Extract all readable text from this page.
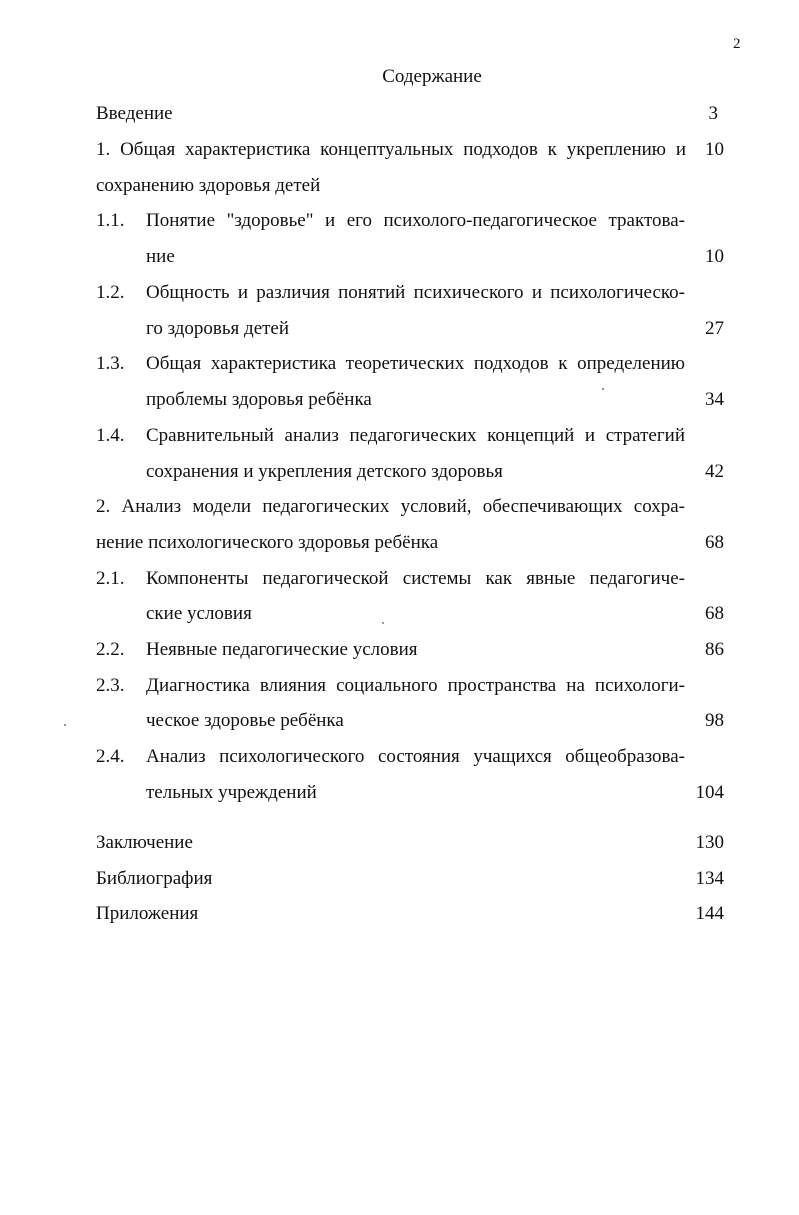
2
Содержание
Введение	3
1. Общая характеристика концептуальных подходов к укреплению и	10
сохранению здоровья детей
1.1. Понятие "здоровье" и его психолого-педагогическое трактова-
ние	10
1.2. Общность и различия понятий психического и психологическо-
го здоровья детей	27
1.3. Общая характеристика теоретических подходов к определению
проблемы здоровья ребёнка	34
1.4. Сравнительный анализ педагогических концепций и стратегий
сохранения и укрепления детского здоровья	42
2. Анализ модели педагогических условий, обеспечивающих сохра-
нение психологического здоровья ребёнка	68
2.1. Компоненты педагогической системы как явные педагогиче-
ские условия	68
2.2. Неявные педагогические условия	86
2.3. Диагностика влияния социального пространства на психологи-
ческое здоровье ребёнка	98
2.4. Анализ психологического состояния учащихся общеобразова-
тельных учреждений	104
Заключение	130
Библиография	134
Приложения	144
